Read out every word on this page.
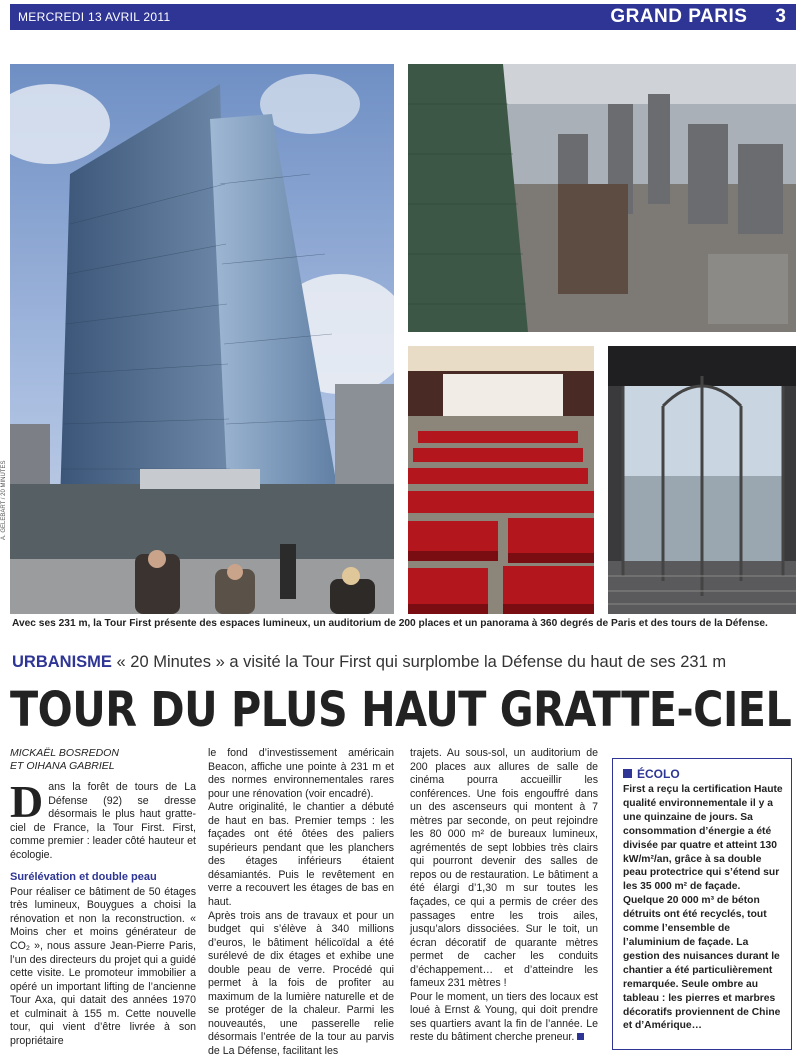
MERCREDI 13 AVRIL 2011	GRAND PARIS 3
A. GELEBART / 20 MINUTES
Avec ses 231 m, la Tour First présente des espaces lumineux, un auditorium de 200 places et un panorama à 360 degrés de Paris et des tours de la Défense.
URBANISME « 20 Minutes » a visité la Tour First qui surplombe la Défense du haut de ses 231 m
TOUR DU PLUS HAUT GRATTE-CIEL
MICKAËL BOSREDON
ET OIHANA GABRIEL

Dans la forêt de tours de La Défense (92) se dresse désormais le plus haut gratte-ciel de France, la Tour First. First, comme premier : leader côté hauteur et écologie.

Surélévation et double peau

Pour réaliser ce bâtiment de 50 étages très lumineux, Bouygues a choisi la rénovation et non la reconstruction. « Moins cher et moins générateur de CO₂ », nous assure Jean-Pierre Paris, l’un des directeurs du projet qui a guidé cette visite. Le promoteur immobilier a opéré un important lifting de l’ancienne Tour Axa, qui datait des années 1970 et culminait à 155 m. Cette nouvelle tour, qui vient d’être livrée à son propriétaire

le fond d’investissement américain Beacon, affiche une pointe à 231 m et des normes environnementales rares pour une rénovation (voir encadré).

Autre originalité, le chantier a débuté de haut en bas. Premier temps : les façades ont été ôtées des paliers supérieurs pendant que les planchers des étages inférieurs étaient désamiantés. Puis le revêtement en verre a recouvert les étages de bas en haut.

Après trois ans de travaux et pour un budget qui s’élève à 340 millions d’euros, le bâtiment hélicoïdal a été surélevé de dix étages et exhibe une double peau de verre. Procédé qui permet à la fois de profiter au maximum de la lumière naturelle et de se protéger de la chaleur. Parmi les nouveautés, une passerelle relie désormais l’entrée de la tour au parvis de La Défense, facilitant les

trajets. Au sous-sol, un auditorium de 200 places aux allures de salle de cinéma pourra accueillir les conférences. Une fois engouffré dans un des ascenseurs qui montent à 7 mètres par seconde, on peut rejoindre les 80 000 m² de bureaux lumineux, agrémentés de sept lobbies très clairs qui pourront devenir des salles de repos ou de restauration. Le bâtiment a été élargi d’1,30 m sur toutes les façades, ce qui a permis de créer des passages entre les trois ailes, jusqu’alors dissociées. Sur le toit, un écran décoratif de quarante mètres permet de cacher les conduits d’échappement… et d’atteindre les fameux 231 mètres !

Pour le moment, un tiers des locaux est loué à Ernst & Young, qui doit prendre ses quartiers avant la fin de l’année. Le reste du bâtiment cherche preneur.

ÉCOLO
First a reçu la certification Haute qualité environnementale il y a une quinzaine de jours. Sa consommation d’énergie a été divisée par quatre et atteint 130 kW/m²/an, grâce à sa double peau protectrice qui s’étend sur les 35 000 m² de façade. Quelque 20 000 m³ de béton détruits ont été recyclés, tout comme l’ensemble de l’aluminium de façade. La gestion des nuisances durant le chantier a été particulièrement remarquée. Seule ombre au tableau : les pierres et marbres décoratifs proviennent de Chine et d’Amérique…
